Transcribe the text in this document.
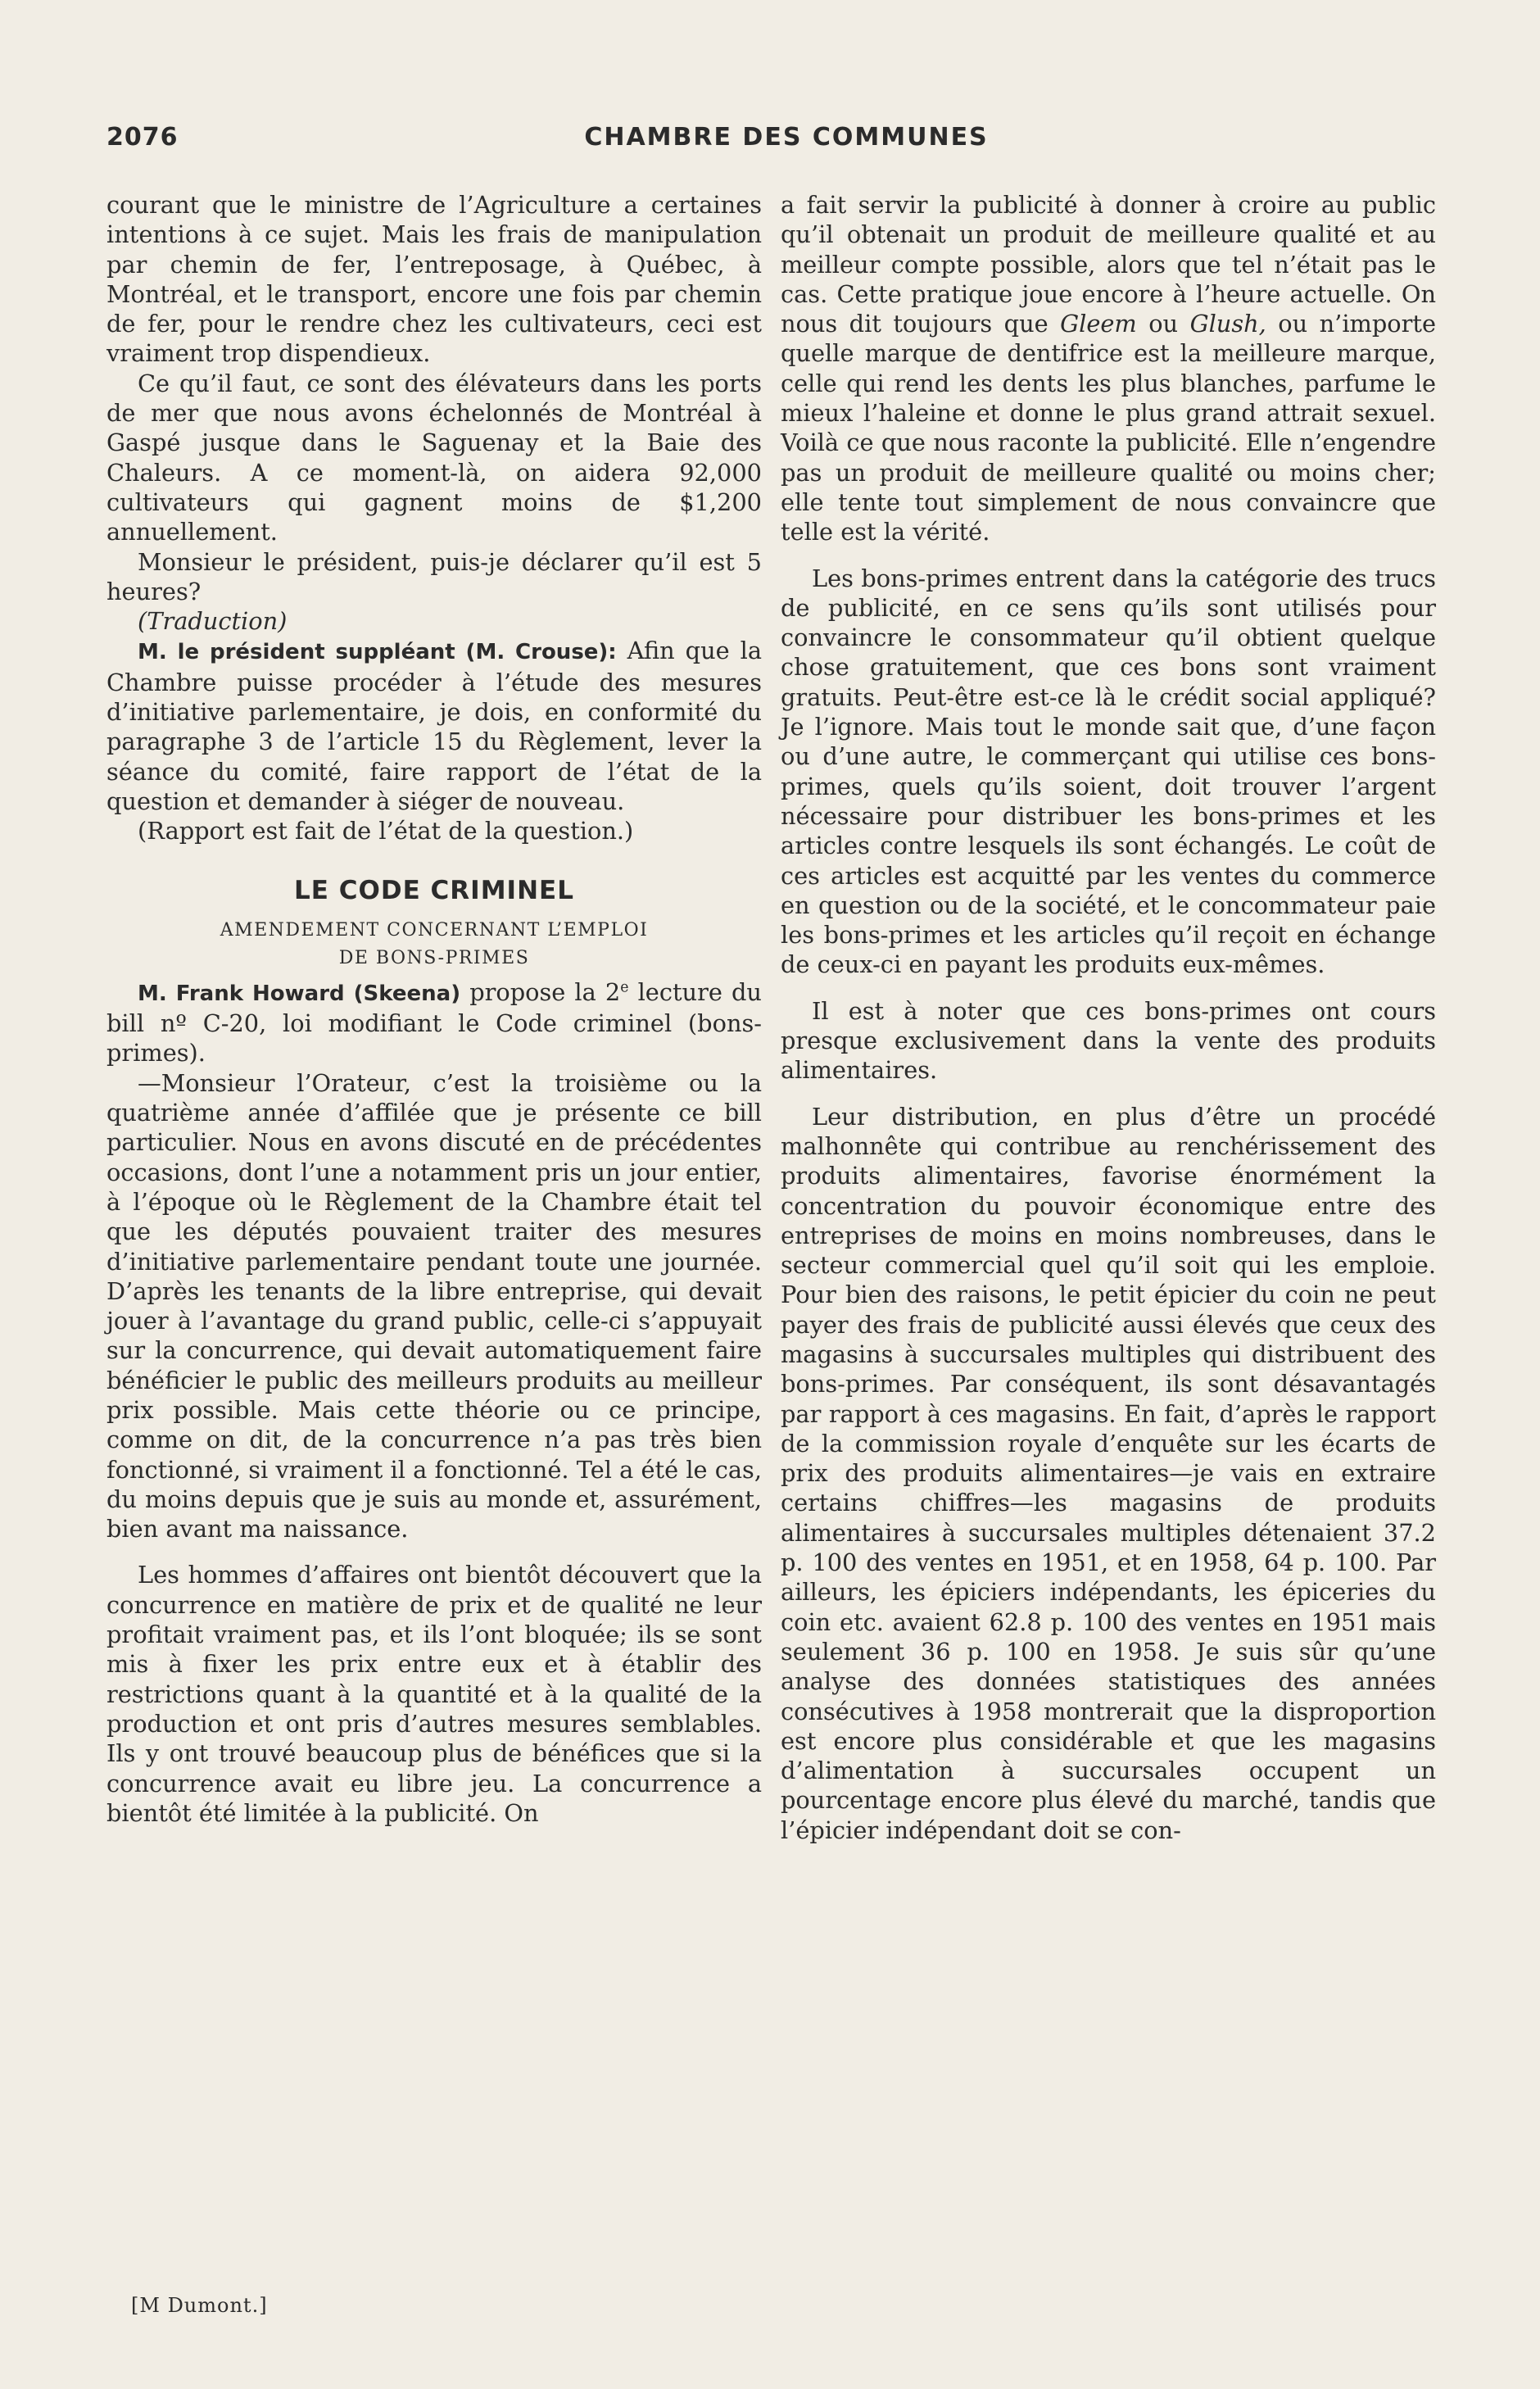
2076	CHAMBRE DES COMMUNES

courant que le ministre de l’Agriculture a certaines intentions à ce sujet. Mais les frais de manipulation par chemin de fer, l’entreposage, à Québec, à Montréal, et le transport, encore une fois par chemin de fer, pour le rendre chez les cultivateurs, ceci est vraiment trop dispendieux.

Ce qu’il faut, ce sont des élévateurs dans les ports de mer que nous avons échelonnés de Montréal à Gaspé jusque dans le Saguenay et la Baie des Chaleurs. A ce moment-là, on aidera 92,000 cultivateurs qui gagnent moins de $1,200 annuellement.

Monsieur le président, puis-je déclarer qu’il est 5 heures?

(Traduction)

M. le président suppléant (M. Crouse): Afin que la Chambre puisse procéder à l’étude des mesures d’initiative parlementaire, je dois, en conformité du paragraphe 3 de l’article 15 du Règlement, lever la séance du comité, faire rapport de l’état de la question et demander à siéger de nouveau.

(Rapport est fait de l’état de la question.)

LE CODE CRIMINEL
AMENDEMENT CONCERNANT L’EMPLOI
DE BONS-PRIMES

M. Frank Howard (Skeena) propose la 2e lecture du bill nº C-20, loi modifiant le Code criminel (bons-primes).

—Monsieur l’Orateur, c’est la troisième ou la quatrième année d’affilée que je présente ce bill particulier. Nous en avons discuté en de précédentes occasions, dont l’une a notamment pris un jour entier, à l’époque où le Règlement de la Chambre était tel que les députés pouvaient traiter des mesures d’initiative parlementaire pendant toute une journée. D’après les tenants de la libre entreprise, qui devait jouer à l’avantage du grand public, celle-ci s’appuyait sur la concurrence, qui devait automatiquement faire bénéficier le public des meilleurs produits au meilleur prix possible. Mais cette théorie ou ce principe, comme on dit, de la concurrence n’a pas très bien fonctionné, si vraiment il a fonctionné. Tel a été le cas, du moins depuis que je suis au monde et, assurément, bien avant ma naissance.

Les hommes d’affaires ont bientôt découvert que la concurrence en matière de prix et de qualité ne leur profitait vraiment pas, et ils l’ont bloquée; ils se sont mis à fixer les prix entre eux et à établir des restrictions quant à la quantité et à la qualité de la production et ont pris d’autres mesures semblables. Ils y ont trouvé beaucoup plus de bénéfices que si la concurrence avait eu libre jeu. La concurrence a bientôt été limitée à la publicité. On

a fait servir la publicité à donner à croire au public qu’il obtenait un produit de meilleure qualité et au meilleur compte possible, alors que tel n’était pas le cas. Cette pratique joue encore à l’heure actuelle. On nous dit toujours que Gleem ou Glush, ou n’importe quelle marque de dentifrice est la meilleure marque, celle qui rend les dents les plus blanches, parfume le mieux l’haleine et donne le plus grand attrait sexuel. Voilà ce que nous raconte la publicité. Elle n’engendre pas un produit de meilleure qualité ou moins cher; elle tente tout simplement de nous convaincre que telle est la vérité.

Les bons-primes entrent dans la catégorie des trucs de publicité, en ce sens qu’ils sont utilisés pour convaincre le consommateur qu’il obtient quelque chose gratuitement, que ces bons sont vraiment gratuits. Peut-être est-ce là le crédit social appliqué? Je l’ignore. Mais tout le monde sait que, d’une façon ou d’une autre, le commerçant qui utilise ces bons-primes, quels qu’ils soient, doit trouver l’argent nécessaire pour distribuer les bons-primes et les articles contre lesquels ils sont échangés. Le coût de ces articles est acquitté par les ventes du commerce en question ou de la société, et le concommateur paie les bons-primes et les articles qu’il reçoit en échange de ceux-ci en payant les produits eux-mêmes.

Il est à noter que ces bons-primes ont cours presque exclusivement dans la vente des produits alimentaires.

Leur distribution, en plus d’être un procédé malhonnête qui contribue au renchérissement des produits alimentaires, favorise énormément la concentration du pouvoir économique entre des entreprises de moins en moins nombreuses, dans le secteur commercial quel qu’il soit qui les emploie. Pour bien des raisons, le petit épicier du coin ne peut payer des frais de publicité aussi élevés que ceux des magasins à succursales multiples qui distribuent des bons-primes. Par conséquent, ils sont désavantagés par rapport à ces magasins. En fait, d’après le rapport de la commission royale d’enquête sur les écarts de prix des produits alimentaires—je vais en extraire certains chiffres—les magasins de produits alimentaires à succursales multiples détenaient 37.2 p. 100 des ventes en 1951, et en 1958, 64 p. 100. Par ailleurs, les épiciers indépendants, les épiceries du coin etc. avaient 62.8 p. 100 des ventes en 1951 mais seulement 36 p. 100 en 1958. Je suis sûr qu’une analyse des données statistiques des années consécutives à 1958 montrerait que la disproportion est encore plus considérable et que les magasins d’alimentation à succursales occupent un pourcentage encore plus élevé du marché, tandis que l’épicier indépendant doit se con-

[M Dumont.]
